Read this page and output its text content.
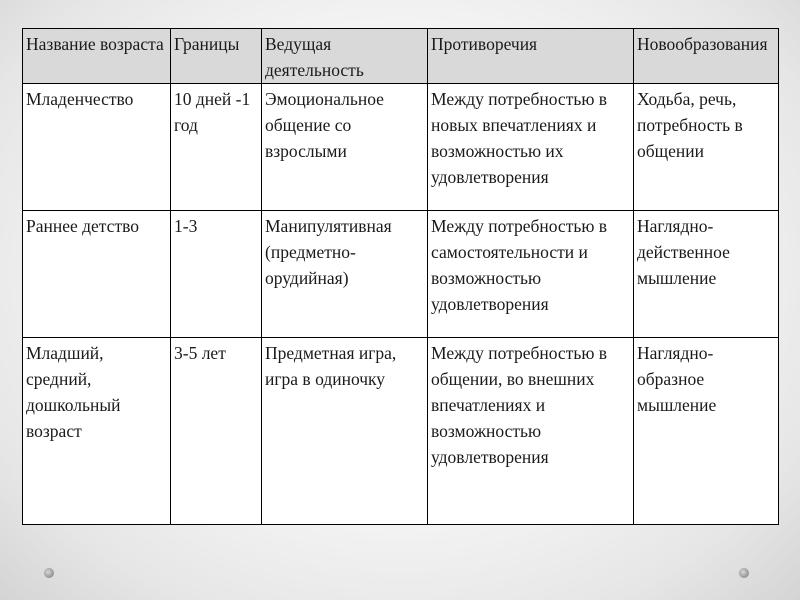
Название возраста	Границы	Ведущая деятельность	Противоречия	Новообразования
Младенчество	10 дней -1 год	Эмоциональное общение со взрослыми	Между потребностью в новых впечатлениях и возможностью их удовлетворения	Ходьба, речь, потребность в общении
Раннее детство	1-3	Манипулятивная (предметно-орудийная)	Между потребностью в самостоятельности и возможностью удовлетворения	Наглядно-действенное мышление
Младший, средний, дошкольный возраст	3-5 лет	Предметная игра, игра в одиночку	Между потребностью в общении, во внешних впечатлениях и возможностью удовлетворения	Наглядно-образное мышление
